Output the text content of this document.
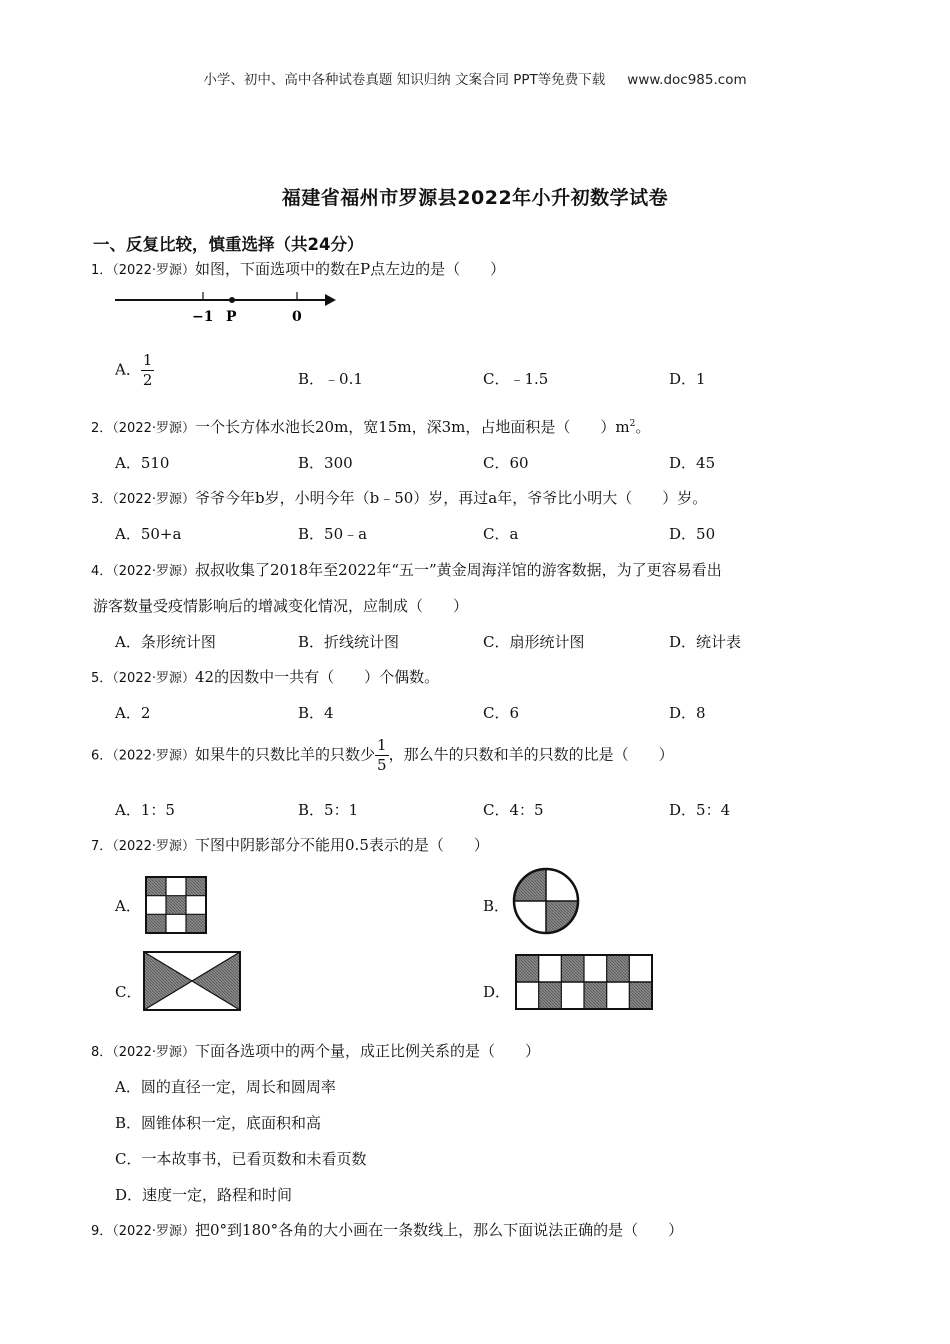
小学、初中、高中各种试卷真题 知识归纳 文案合同 PPT等免费下载 www.doc985.com
福建省福州市罗源县2022年小升初数学试卷
一、反复比较，慎重选择（共24分）
1．（2022·罗源）如图，下面选项中的数在P点左边的是（　　）
−1 P	0
A． $\frac{1}{2}$	B．﹣0.1	C．﹣1.5	D．1
2．（2022·罗源）一个长方体水池长20m，宽15m，深3m，占地面积是（　　）$m^2$。
A．510	B．300	C．60	D．45
3．（2022·罗源）爷爷今年b岁，小明今年（b﹣50）岁，再过a年，爷爷比小明大（　　）岁。
A．50+a	B．50﹣a	C．a	D．50
4．（2022·罗源）叔叔收集了2018年至2022年“五一”黄金周海洋馆的游客数据，为了更容易看出
游客数量受疫情影响后的增减变化情况，应制成（　　）
A．条形统计图	B．折线统计图	C．扇形统计图	D．统计表
5．（2022·罗源）42的因数中一共有（　　）个偶数。
A．2	B．4	C．6	D．8
6．（2022·罗源）如果牛的只数比羊的只数少 $\frac{1}{5}$ ，那么牛的只数和羊的只数的比是（　　）
A．1：5	B．5：1	C．4：5	D．5：4
7．（2022·罗源）下图中阴影部分不能用0.5表示的是（　　）
A．	B．
C．	D．
8．（2022·罗源）下面各选项中的两个量，成正比例关系的是（　　）
A．圆的直径一定，周长和圆周率
B．圆锥体积一定，底面积和高
C．一本故事书，已看页数和未看页数
D．速度一定，路程和时间
9．（2022·罗源）把0°到180°各角的大小画在一条数线上，那么下面说法正确的是（　　）
